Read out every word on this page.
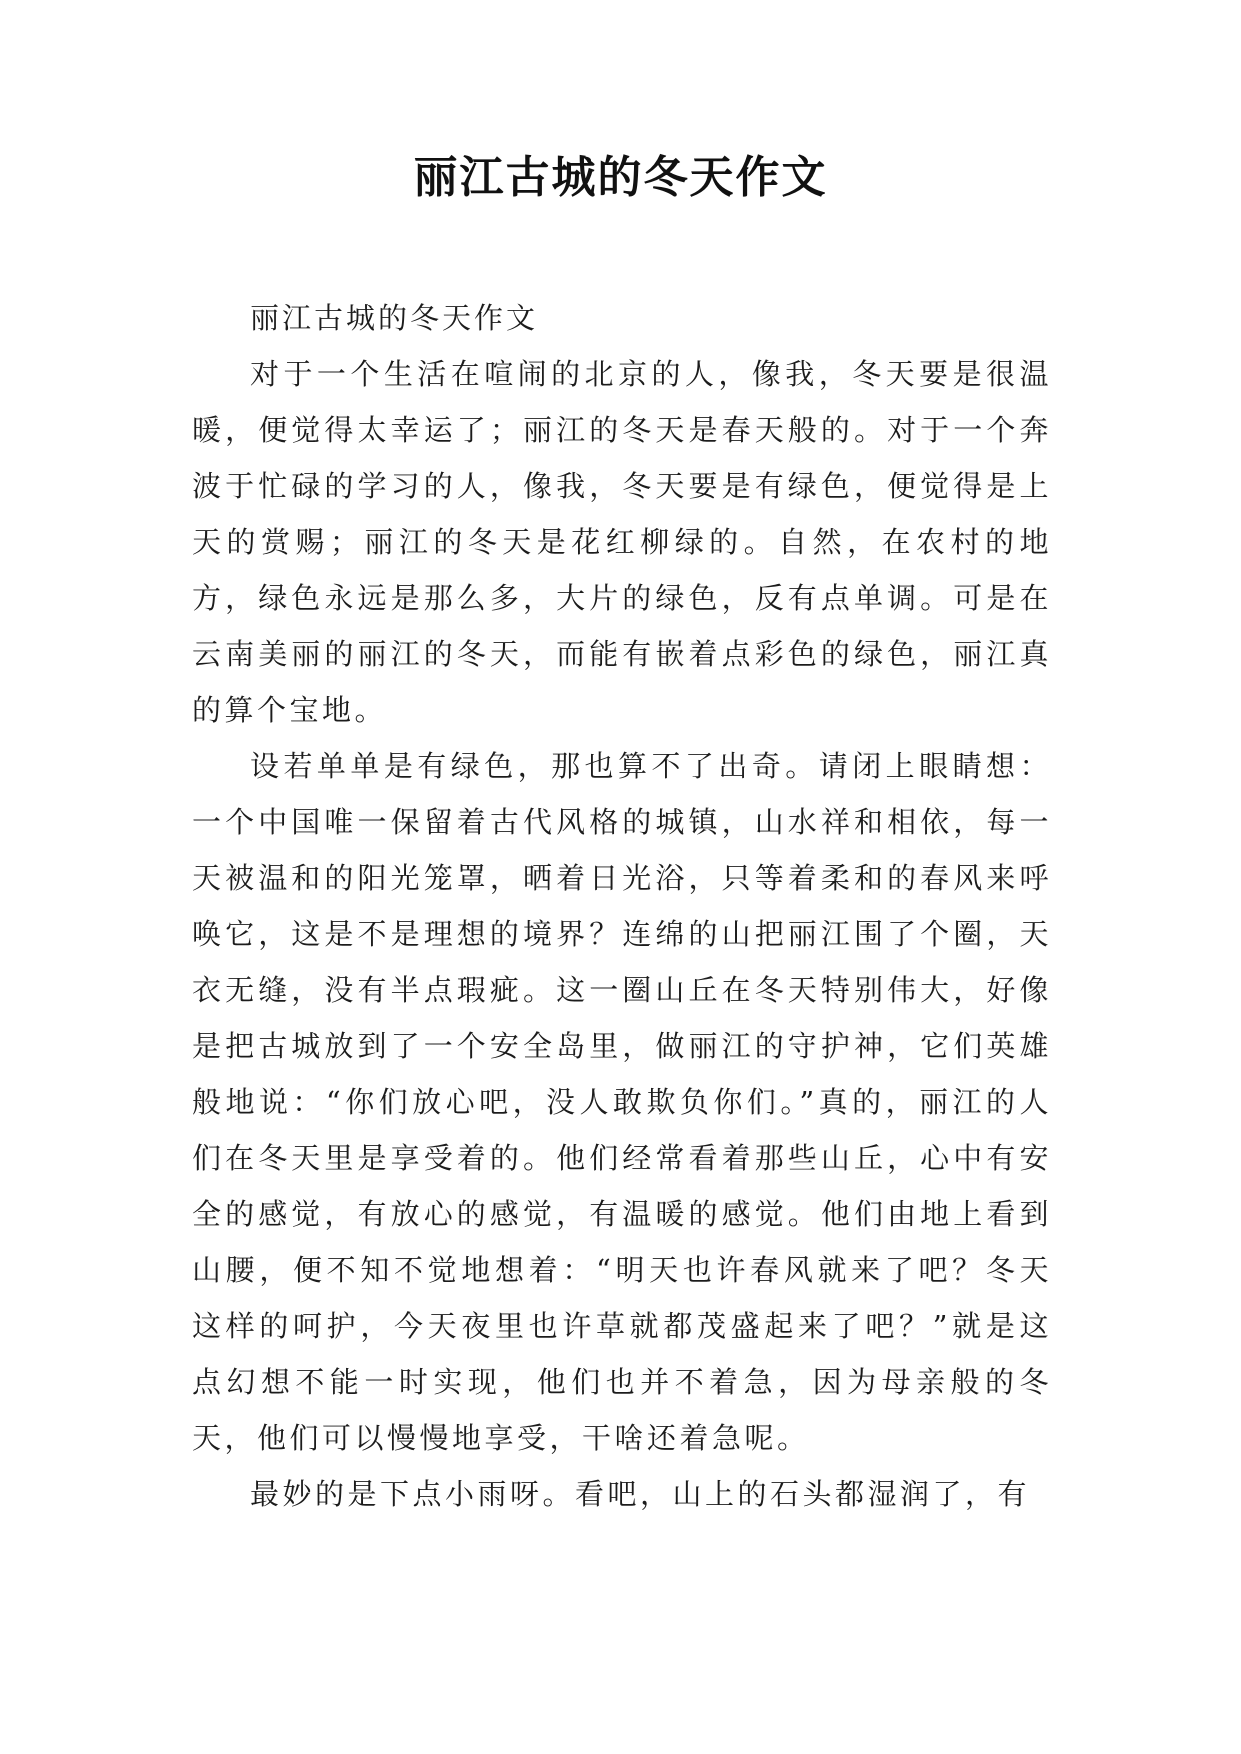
丽江古城的冬天作文

丽江古城的冬天作文

对于一个生活在喧闹的北京的人，像我，冬天要是很温暖，便觉得太幸运了；丽江的冬天是春天般的。对于一个奔波于忙碌的学习的人，像我，冬天要是有绿色，便觉得是上天的赏赐；丽江的冬天是花红柳绿的。自然，在农村的地方，绿色永远是那么多，大片的绿色，反有点单调。可是在云南美丽的丽江的冬天，而能有嵌着点彩色的绿色，丽江真的算个宝地。

设若单单是有绿色，那也算不了出奇。请闭上眼睛想：一个中国唯一保留着古代风格的城镇，山水祥和相依，每一天被温和的阳光笼罩，晒着日光浴，只等着柔和的春风来呼唤它，这是不是理想的境界？连绵的山把丽江围了个圈，天衣无缝，没有半点瑕疵。这一圈山丘在冬天特别伟大，好像是把古城放到了一个安全岛里，做丽江的守护神，它们英雄般地说：“你们放心吧，没人敢欺负你们。”真的，丽江的人们在冬天里是享受着的。他们经常看着那些山丘，心中有安全的感觉，有放心的感觉，有温暖的感觉。他们由地上看到山腰，便不知不觉地想着：“明天也许春风就来了吧？冬天这样的呵护，今天夜里也许草就都茂盛起来了吧？”就是这点幻想不能一时实现，他们也并不着急，因为母亲般的冬天，他们可以慢慢地享受，干啥还着急呢。

最妙的是下点小雨呀。看吧，山上的石头都湿润了，有
